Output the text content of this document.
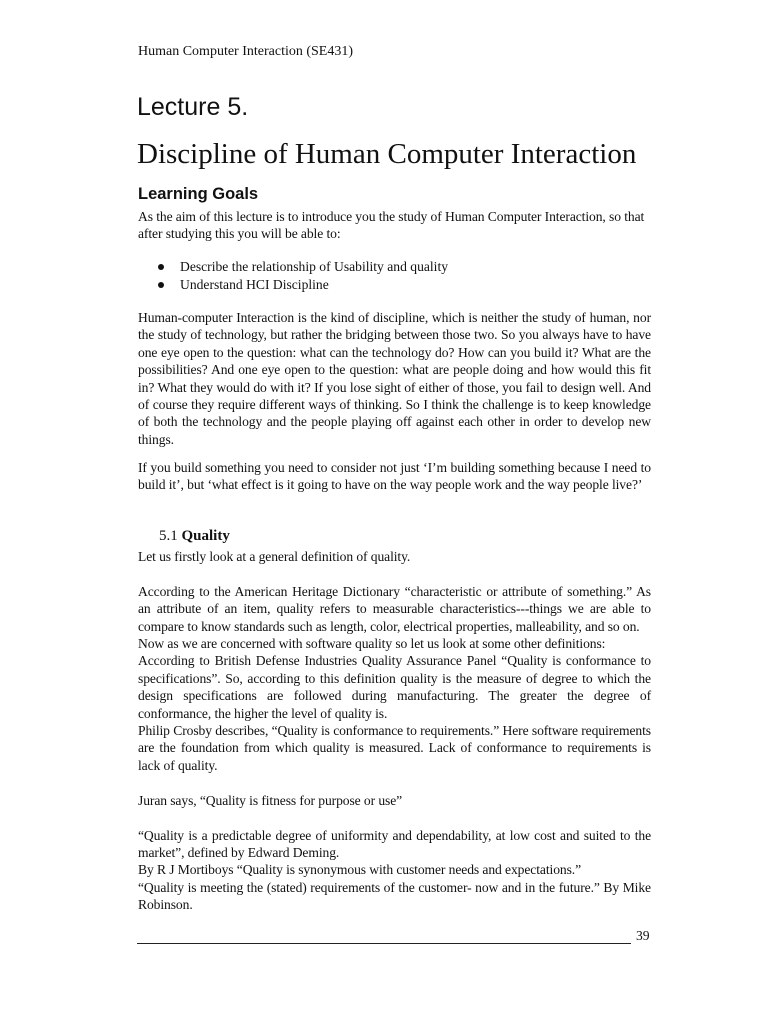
Human Computer Interaction (SE431)
Lecture 5.
Discipline of Human Computer Interaction
Learning Goals

As the aim of this lecture is to introduce you the study of Human Computer Interaction, so that after studying this you will be able to:

Describe the relationship of Usability and quality
Understand HCI Discipline

Human-computer Interaction is the kind of discipline, which is neither the study of human, nor the study of technology, but rather the bridging between those two. So you always have to have one eye open to the question: what can the technology do? How can you build it? What are the possibilities? And one eye open to the question: what are people doing and how would this fit in? What they would do with it? If you lose sight of either of those, you fail to design well. And of course they require different ways of thinking. So I think the challenge is to keep knowledge of both the technology and the people playing off against each other in order to develop new things.

If you build something you need to consider not just ‘I’m building something because I need to build it’, but ‘what effect is it going to have on the way people work and the way people live?’

5.1 Quality

Let us firstly look at a general definition of quality.

According to the American Heritage Dictionary “characteristic or attribute of something.” As an attribute of an item, quality refers to measurable characteristics---things we are able to compare to know standards such as length, color, electrical properties, malleability, and so on.

Now as we are concerned with software quality so let us look at some other definitions:

According to British Defense Industries Quality Assurance Panel “Quality is conformance to specifications”. So, according to this definition quality is the measure of degree to which the design specifications are followed during manufacturing. The greater the degree of conformance, the higher the level of quality is.

Philip Crosby describes, “Quality is conformance to requirements.” Here software requirements are the foundation from which quality is measured. Lack of conformance to requirements is lack of quality.

Juran says, “Quality is fitness for purpose or use”

“Quality is a predictable degree of uniformity and dependability, at low cost and suited to the market”, defined by Edward Deming.

By R J Mortiboys “Quality is synonymous with customer needs and expectations.”

“Quality is meeting the (stated) requirements of the customer- now and in the future.” By Mike Robinson.

39
